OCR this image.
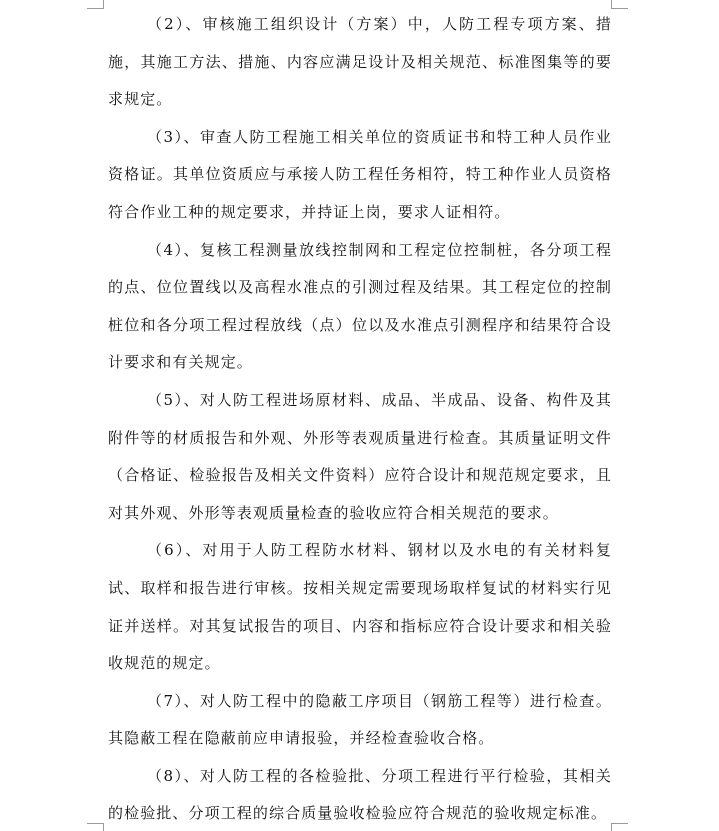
（2）、审核施工组织设计（方案）中，人防工程专项方案、措施，其施工方法、措施、内容应满足设计及相关规范、标准图集等的要求规定。

（3）、审查人防工程施工相关单位的资质证书和特工种人员作业资格证。其单位资质应与承接人防工程任务相符，特工种作业人员资格符合作业工种的规定要求，并持证上岗，要求人证相符。

（4）、复核工程测量放线控制网和工程定位控制桩，各分项工程的点、位位置线以及高程水准点的引测过程及结果。其工程定位的控制桩位和各分项工程过程放线（点）位以及水准点引测程序和结果符合设计要求和有关规定。

（5）、对人防工程进场原材料、成品、半成品、设备、构件及其附件等的材质报告和外观、外形等表观质量进行检查。其质量证明文件（合格证、检验报告及相关文件资料）应符合设计和规范规定要求，且对其外观、外形等表观质量检查的验收应符合相关规范的要求。

（6）、对用于人防工程防水材料、钢材以及水电的有关材料复试、取样和报告进行审核。按相关规定需要现场取样复试的材料实行见证并送样。对其复试报告的项目、内容和指标应符合设计要求和相关验收规范的规定。

（7）、对人防工程中的隐蔽工序项目（钢筋工程等）进行检查。其隐蔽工程在隐蔽前应申请报验，并经检查验收合格。

（8）、对人防工程的各检验批、分项工程进行平行检验，其相关的检验批、分项工程的综合质量验收检验应符合规范的验收规定标准。
